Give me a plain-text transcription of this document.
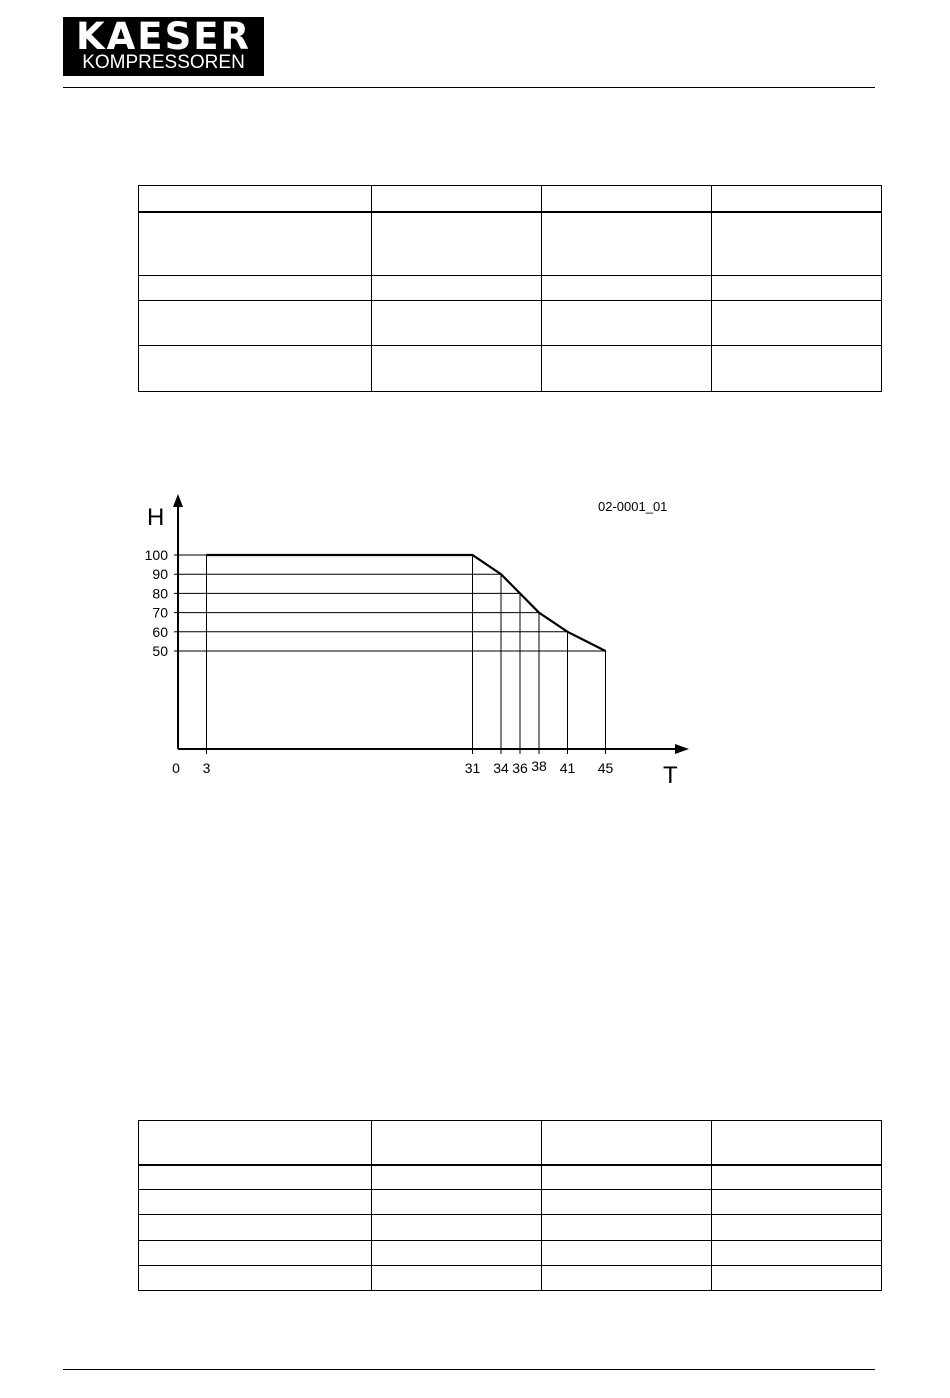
KAESER
KOMPRESSOREN

H
T
02-0001_01
0
100
90
80
70
60
50
3	31 34 36 38 41 45
